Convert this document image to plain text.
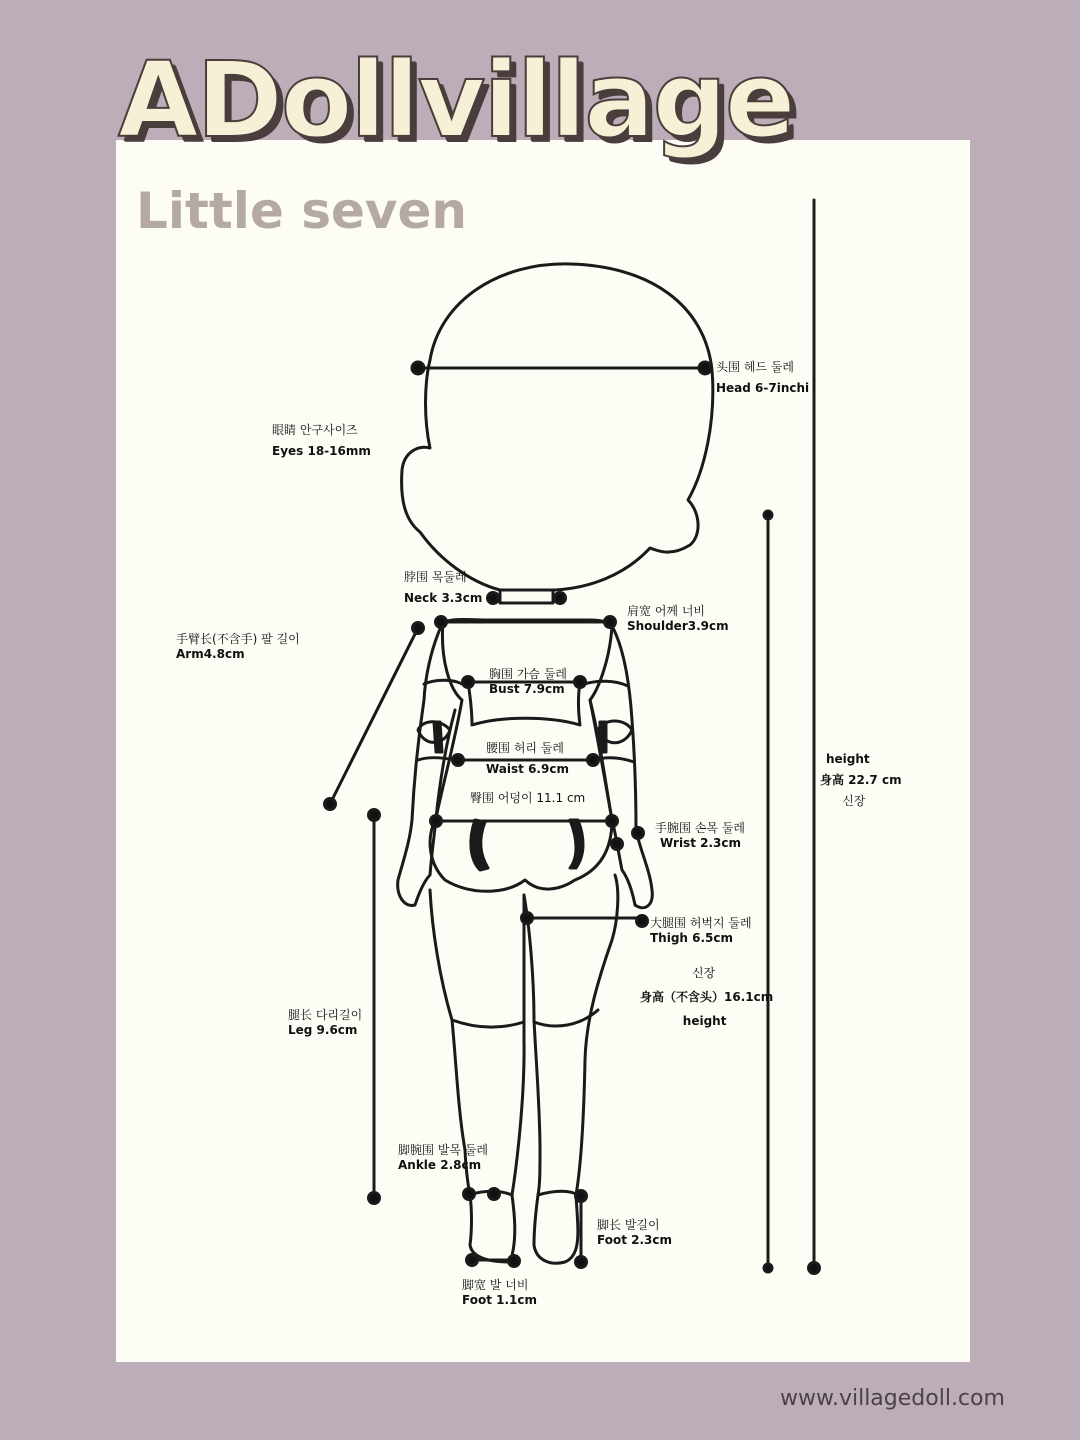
ADollvillage
Little seven
头围 헤드 둘레
Head 6-7inchi
眼睛 안구사이즈
Eyes 18-16mm
脖围 목둘레
Neck 3.3cm
肩宽 어께 너비
Shoulder3.9cm
手臂长(不含手) 팔 길이
Arm4.8cm
胸围 가슴 둘레
Bust 7.9cm
腰围 허리 둘레
Waist 6.9cm
臀围 어덩이 11.1 cm
手腕围 손목 둘레
Wrist 2.3cm
大腿围 허벅지 둘레
Thigh 6.5cm
腿长 다리길이
Leg 9.6cm
脚腕围 발목 둘레
Ankle 2.8cm
脚长 발길이
Foot 2.3cm
脚宽 발 너비
Foot 1.1cm
height
身高 22.7 cm
신장
신장
身高（不含头）16.1cm
height
www.villagedoll.com
